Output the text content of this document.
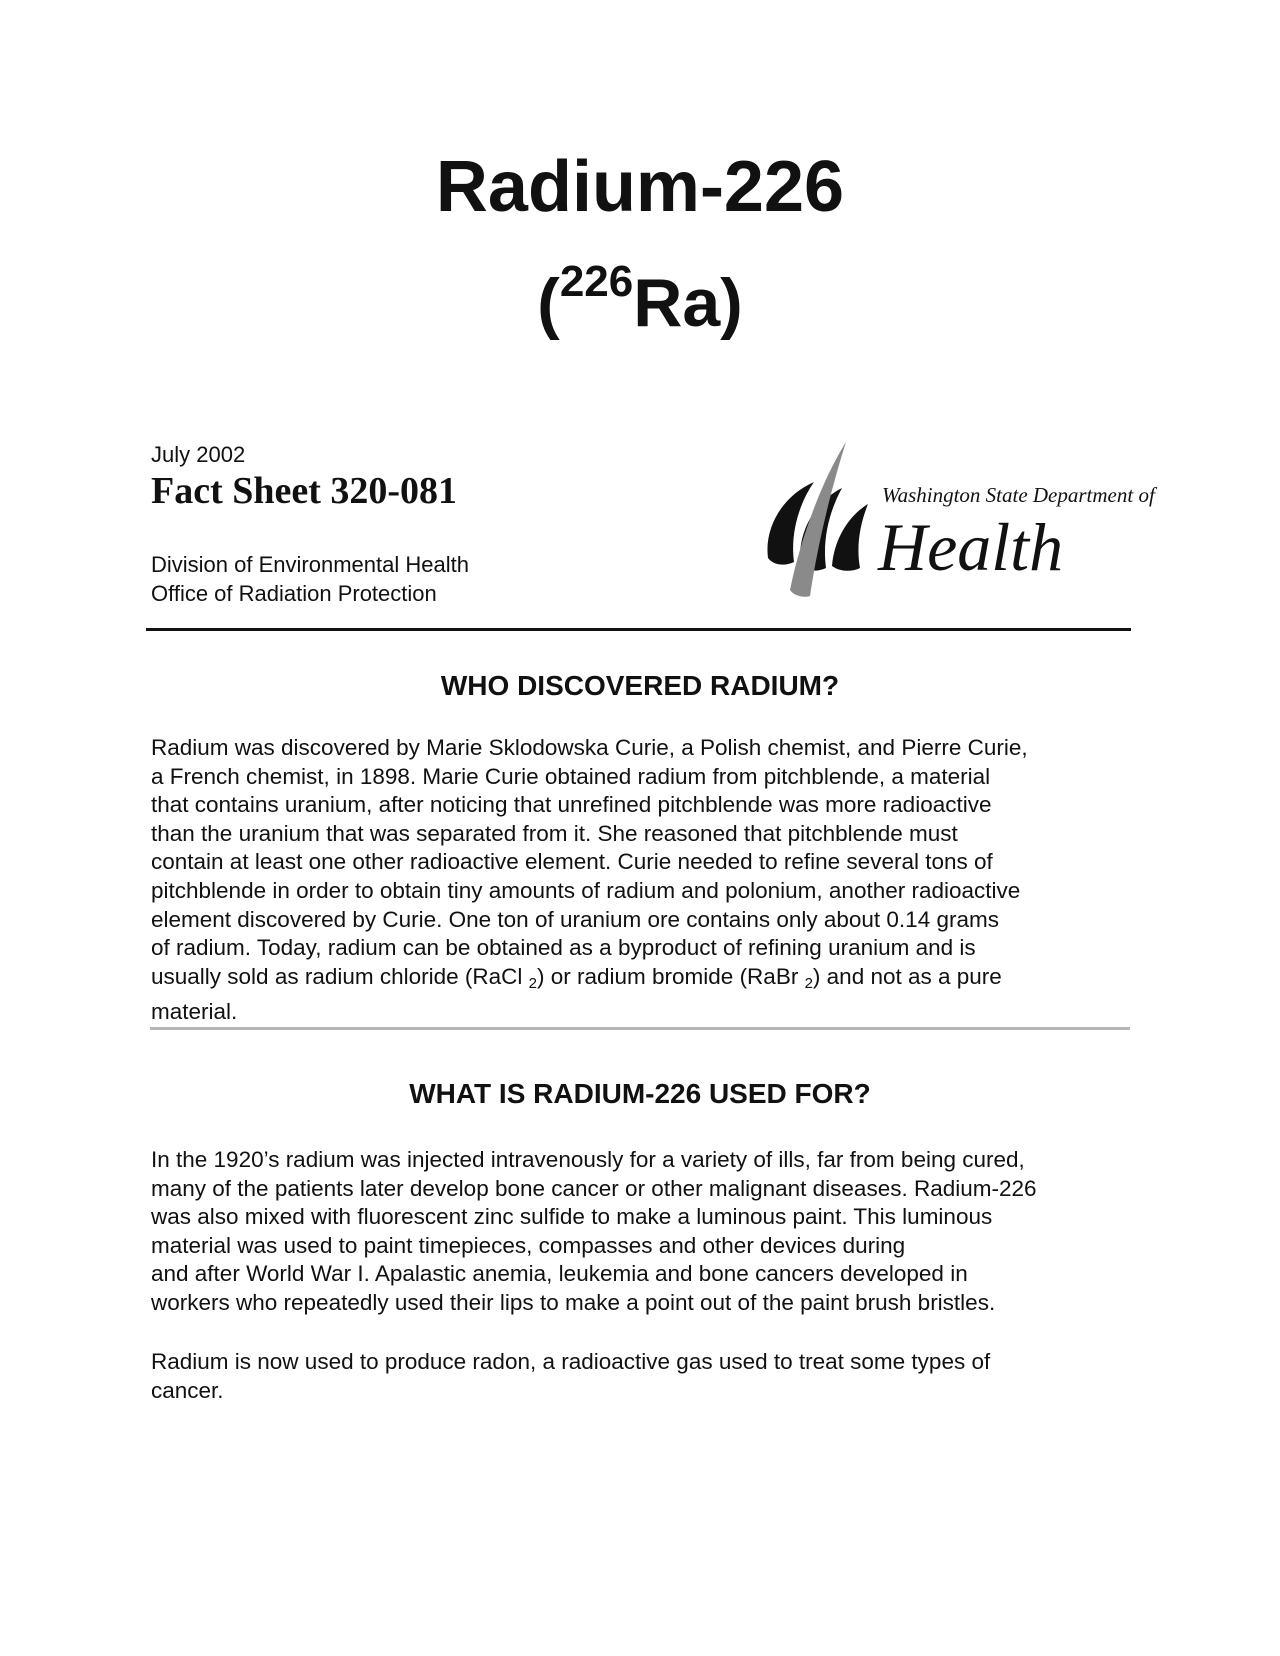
Radium-226
($^{226}$Ra)
July 2002
Fact Sheet 320-081
Division of Environmental Health
Office of Radiation Protection
Washington State Department of
Health
WHO DISCOVERED RADIUM?
Radium was discovered by Marie Sklodowska Curie, a Polish chemist, and Pierre Curie,
a French chemist, in 1898. Marie Curie obtained radium from pitchblende, a material
that contains uranium, after noticing that unrefined pitchblende was more radioactive
than the uranium that was separated from it. She reasoned that pitchblende must
contain at least one other radioactive element. Curie needed to refine several tons of
pitchblende in order to obtain tiny amounts of radium and polonium, another radioactive
element discovered by Curie. One ton of uranium ore contains only about 0.14 grams
of radium. Today, radium can be obtained as a byproduct of refining uranium and is
usually sold as radium chloride (RaCl $_2$) or radium bromide (RaBr $_2$) and not as a pure
material.
WHAT IS RADIUM-226 USED FOR?
In the 1920’s radium was injected intravenously for a variety of ills, far from being cured,
many of the patients later develop bone cancer or other malignant diseases. Radium-226
was also mixed with fluorescent zinc sulfide to make a luminous paint. This luminous
material was used to paint timepieces, compasses and other devices during
and after World War I. Apalastic anemia, leukemia and bone cancers developed in
workers who repeatedly used their lips to make a point out of the paint brush bristles.
Radium is now used to produce radon, a radioactive gas used to treat some types of
cancer.
